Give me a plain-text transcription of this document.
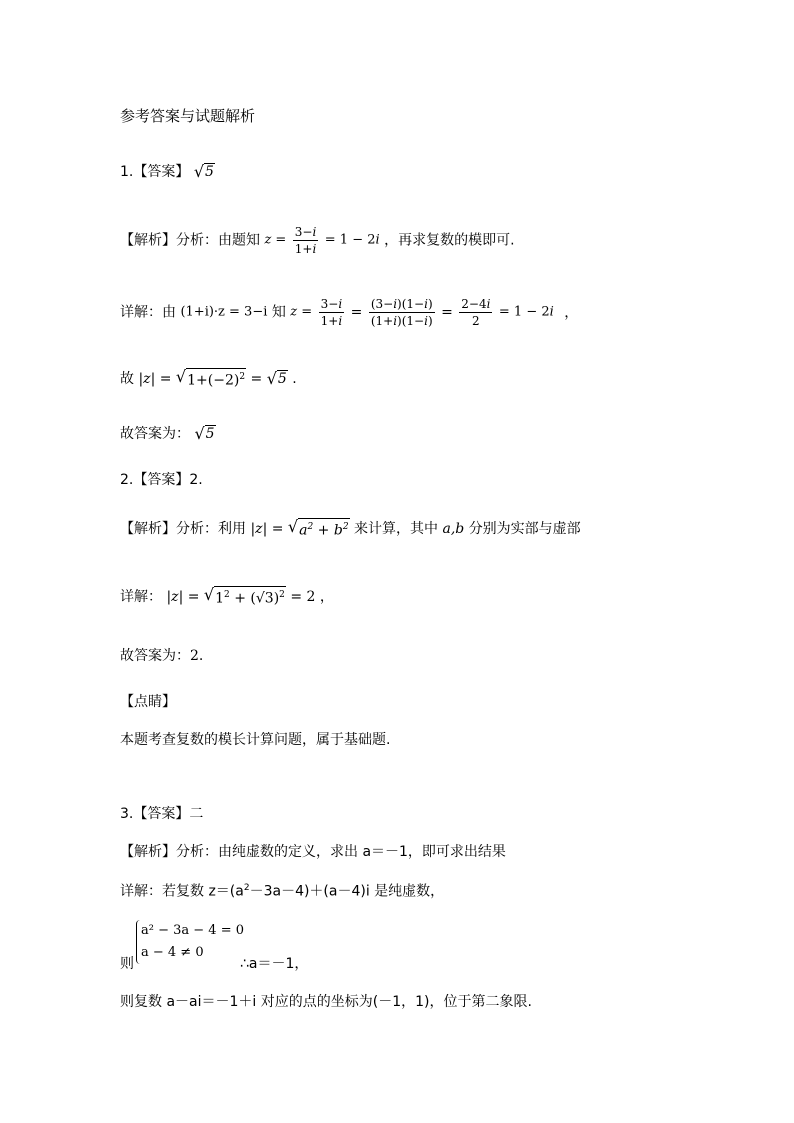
参考答案与试题解析
1.【答案】 √ 5
【解析】分析：由题知 $z = \frac{3-i}{1+i} = 1 - 2i$ ，再求复数的模即可.
详解：由 (1+i)·z = 3−i 知 $z = \frac{3-i}{1+i} = \frac{(3-i)(1-i)}{(1+i)(1-i)} = \frac{2-4i}{2} = 1 - 2i$ ，
故 |z| = √ $1+(-2)^2$ = √ 5 .
故答案为： √ 5
2.【答案】2.
【解析】分析：利用 |z| = √ $a^2 + b^2$ 来计算，其中 a,b 分别为实部与虚部
详解： |z| = √ $1^2 + (√3)^2 = 2$ ，
故答案为：2.
【点睛】
本题考查复数的模长计算问题，属于基础题.
3.【答案】二
【解析】分析：由纯虚数的定义，求出 a＝－1，即可求出结果
详解：若复数 $z=(a^2-3a-4)+(a-4)i$ 是纯虚数，
则
a² − 3a − 4 = 0
a − 4 ≠ 0
∴a＝－1，
则复数 a－ai＝－1＋i 对应的点的坐标为(－1，1)，位于第二象限.
